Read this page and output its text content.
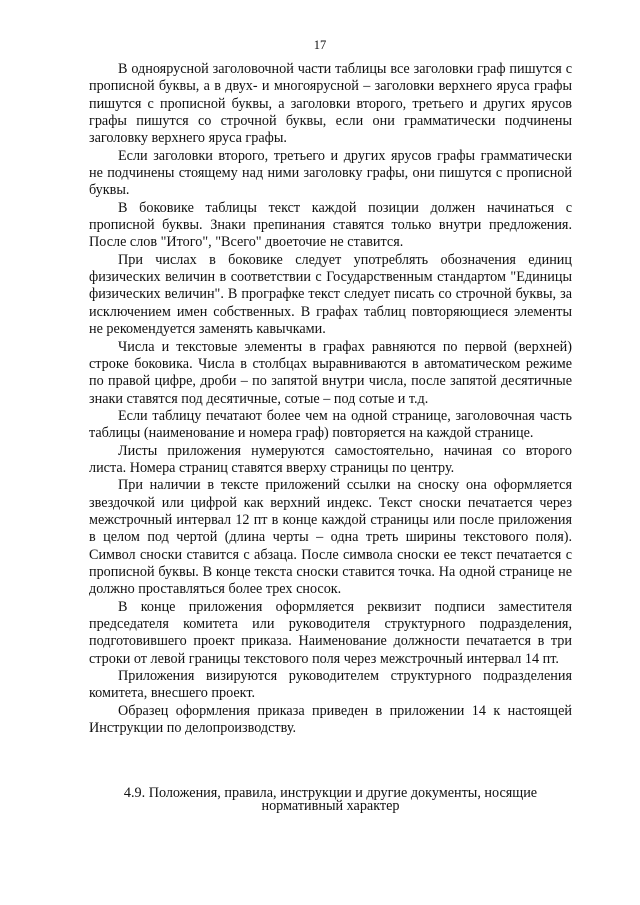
17

В одноярусной заголовочной части таблицы все заголовки граф пишутся с прописной буквы, а в двух- и многоярусной – заголовки верхнего яруса графы пишутся с прописной буквы, а заголовки второго, третьего и других ярусов графы пишутся со строчной буквы, если они грамматически подчинены заголовку верхнего яруса графы.

Если заголовки второго, третьего и других ярусов графы грамматически не подчинены стоящему над ними заголовку графы, они пишутся с прописной буквы.

В боковике таблицы текст каждой позиции должен начинаться с прописной буквы. Знаки препинания ставятся только внутри предложения. После слов "Итого", "Всего" двоеточие не ставится.

При числах в боковике следует употреблять обозначения единиц физических величин в соответствии с Государственным стандартом "Единицы физических величин". В прографке текст следует писать со строчной буквы, за исключением имен собственных. В графах таблиц повторяющиеся элементы не рекомендуется заменять кавычками.

Числа и текстовые элементы в графах равняются по первой (верхней) строке боковика. Числа в столбцах выравниваются в автоматическом режиме по правой цифре, дроби – по запятой внутри числа, после запятой десятичные знаки ставятся под десятичные, сотые – под сотые и т.д.

Если таблицу печатают более чем на одной странице, заголовочная часть таблицы (наименование и номера граф) повторяется на каждой странице.

Листы приложения нумеруются самостоятельно, начиная со второго листа. Номера страниц ставятся вверху страницы по центру.

При наличии в тексте приложений ссылки на сноску она оформляется звездочкой или цифрой как верхний индекс. Текст сноски печатается через межстрочный интервал 12 пт в конце каждой страницы или после приложения в целом под чертой (длина черты – одна треть ширины текстового поля). Символ сноски ставится с абзаца. После символа сноски ее текст печатается с прописной буквы. В конце текста сноски ставится точка. На одной странице не должно проставляться более трех сносок.

В конце приложения оформляется реквизит подписи заместителя председателя комитета или руководителя структурного подразделения, подготовившего проект приказа. Наименование должности печатается в три строки от левой границы текстового поля через межстрочный интервал 14 пт.

Приложения визируются руководителем структурного подразделения комитета, внесшего проект.

Образец оформления приказа приведен в приложении 14 к настоящей Инструкции по делопроизводству.

4.9. Положения, правила, инструкции и другие документы, носящие
нормативный характер
